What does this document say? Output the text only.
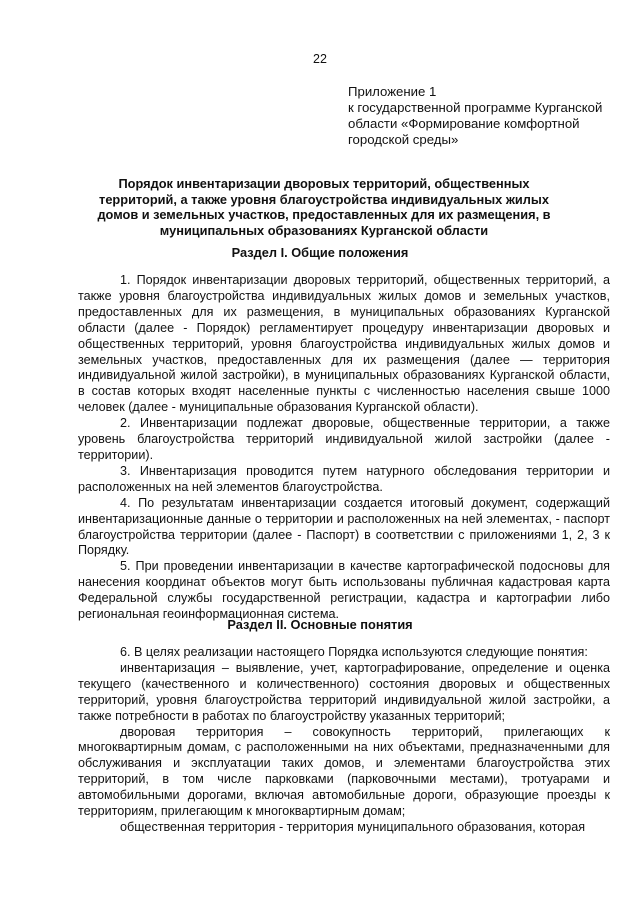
22
Приложение 1
к государственной программе Курганской
области «Формирование комфортной
городской среды»
Порядок инвентаризации дворовых территорий, общественных территорий, а также уровня благоустройства индивидуальных жилых домов и земельных участков, предоставленных для их размещения, в муниципальных образованиях Курганской области
Раздел I. Общие положения
1. Порядок инвентаризации дворовых территорий, общественных территорий, а также уровня благоустройства индивидуальных жилых домов и земельных участков, предоставленных для их размещения, в муниципальных образованиях Курганской области (далее - Порядок) регламентирует процедуру инвентаризации дворовых и общественных территорий, уровня благоустройства индивидуальных жилых домов и земельных участков, предоставленных для их размещения (далее — территория индивидуальной жилой застройки), в муниципальных образованиях Курганской области, в состав которых входят населенные пункты с численностью населения свыше 1000 человек (далее - муниципальные образования Курганской области).
2. Инвентаризации подлежат дворовые, общественные территории, а также уровень благоустройства территорий индивидуальной жилой застройки (далее - территории).
3. Инвентаризация проводится путем натурного обследования территории и расположенных на ней элементов благоустройства.
4. По результатам инвентаризации создается итоговый документ, содержащий инвентаризационные данные о территории и расположенных на ней элементах, - паспорт благоустройства территории (далее - Паспорт) в соответствии с приложениями 1, 2, 3 к Порядку.
5. При проведении инвентаризации в качестве картографической подосновы для нанесения координат объектов могут быть использованы публичная кадастровая карта Федеральной службы государственной регистрации, кадастра и картографии либо региональная геоинформационная система.
Раздел II. Основные понятия
6. В целях реализации настоящего Порядка используются следующие понятия:
инвентаризация – выявление, учет, картографирование, определение и оценка текущего (качественного и количественного) состояния дворовых и общественных территорий, уровня благоустройства территорий индивидуальной жилой застройки, а также потребности в работах по благоустройству указанных территорий;
дворовая территория – совокупность территорий, прилегающих к многоквартирным домам, с расположенными на них объектами, предназначенными для обслуживания и эксплуатации таких домов, и элементами благоустройства этих территорий, в том числе парковками (парковочными местами), тротуарами и автомобильными дорогами, включая автомобильные дороги, образующие проезды к территориям, прилегающим к многоквартирным домам;
общественная территория - территория муниципального образования, которая
